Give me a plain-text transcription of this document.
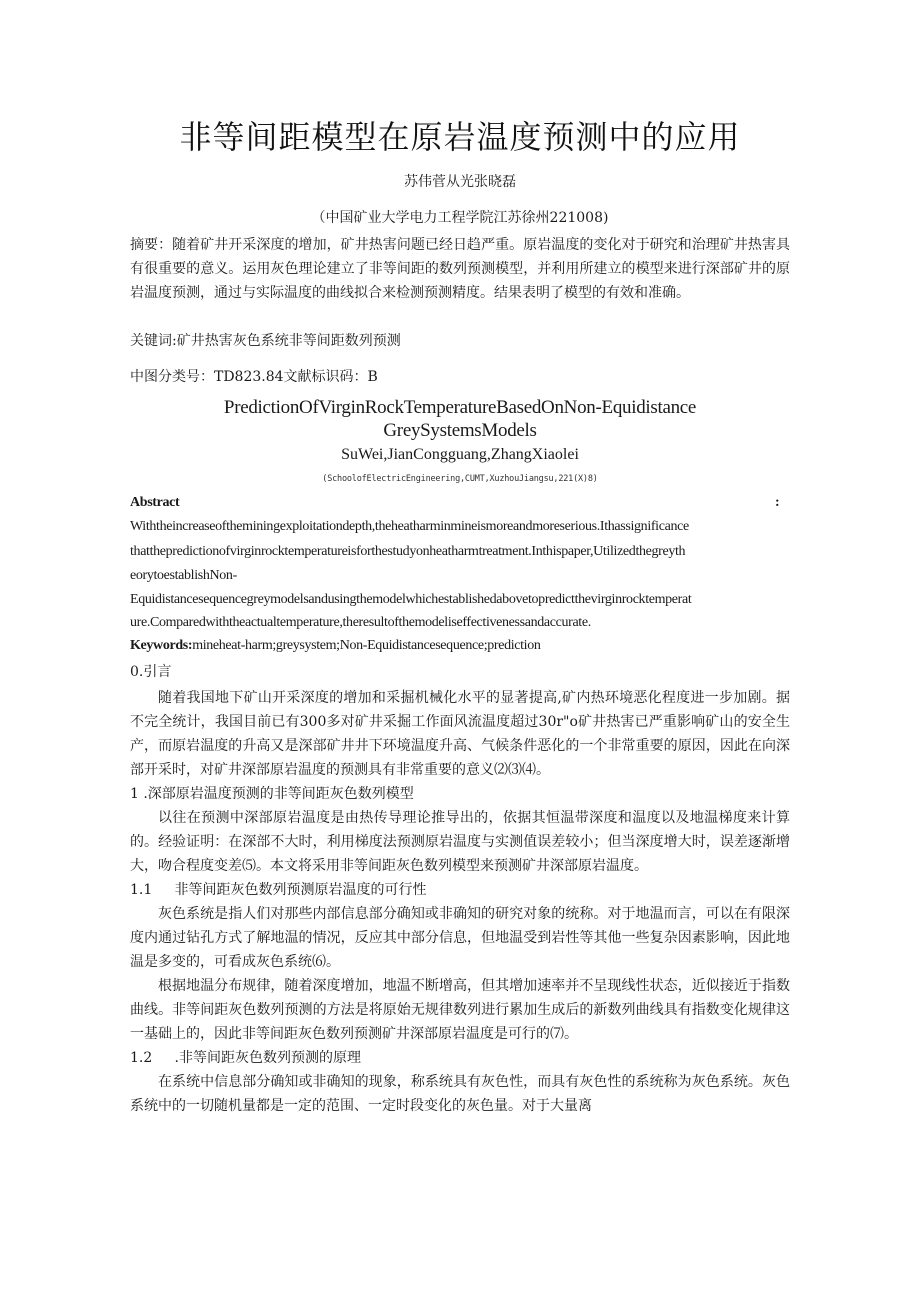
非等间距模型在原岩温度预测中的应用
苏伟菅从光张晓磊
（中国矿业大学电力工程学院江苏徐州221008)
摘要：随着矿井开采深度的增加，矿井热害问题已经日趋严重。原岩温度的变化对于研究和治理矿井热害具有很重要的意义。运用灰色理论建立了非等间距的数列预测模型，并利用所建立的模型来进行深部矿井的原岩温度预测，通过与实际温度的曲线拟合来检测预测精度。结果表明了模型的有效和准确。
关键词:矿井热害灰色系统非等间距数列预测
中图分类号：TD823.84文献标识码：B
PredictionOfVirginRockTemperatureBasedOnNon-Equidistance
GreySystemsModels
SuWei,JianCongguang,ZhangXiaolei
(SchoolofElectricEngineering,CUMT,XuzhouJiangsu,221(X)8)
Abstract	:
Withtheincreaseoftheminingexploitationdepth,theheatharminmineismoreandmoreserious.Ithassignificance
thatthepredictionofvirginrocktemperatureisforthestudyonheatharmtreatment.Inthispaper,Utilizedthegreyth
eorytoestablishNon-
Equidistancesequencegreymodelsandusingthemodelwhichestablishedabovetopredictthevirginrocktemperat
ure.Comparedwiththeactualtemperature,theresultofthemodeliseffectivenessandaccurate.
Keywords:mineheat-harm;greysystem;Non-Equidistancesequence;prediction
0.引言
随着我国地下矿山开采深度的增加和采掘机械化水平的显著提高,矿内热环境恶化程度进一步加剧。据不完全统计，我国目前已有300多对矿井采掘工作面风流温度超过30r"o矿井热害已严重影响矿山的安全生产，而原岩温度的升高又是深部矿井井下环境温度升高、气候条件恶化的一个非常重要的原因，因此在向深部开采时，对矿井深部原岩温度的预测具有非常重要的意义⑵⑶⑷。
1 .深部原岩温度预测的非等间距灰色数列模型
以往在预测中深部原岩温度是由热传导理论推导出的，依据其恒温带深度和温度以及地温梯度来计算的。经验证明：在深部不大时，利用梯度法预测原岩温度与实测值误差较小；但当深度增大时，误差逐渐增大，吻合程度变差⑸。本文将采用非等间距灰色数列模型来预测矿井深部原岩温度。
1.1     非等间距灰色数列预测原岩温度的可行性
灰色系统是指人们对那些内部信息部分确知或非确知的研究对象的统称。对于地温而言，可以在有限深度内通过钻孔方式了解地温的情况，反应其中部分信息，但地温受到岩性等其他一些复杂因素影响，因此地温是多变的，可看成灰色系统⑹。
根据地温分布规律，随着深度增加，地温不断增高，但其增加速率并不呈现线性状态，近似接近于指数曲线。非等间距灰色数列预测的方法是将原始无规律数列进行累加生成后的新数列曲线具有指数变化规律这一基础上的，因此非等间距灰色数列预测矿井深部原岩温度是可行的⑺。
1.2     .非等间距灰色数列预测的原理
在系统中信息部分确知或非确知的现象，称系统具有灰色性，而具有灰色性的系统称为灰色系统。灰色系统中的一切随机量都是一定的范围、一定时段变化的灰色量。对于大量离
